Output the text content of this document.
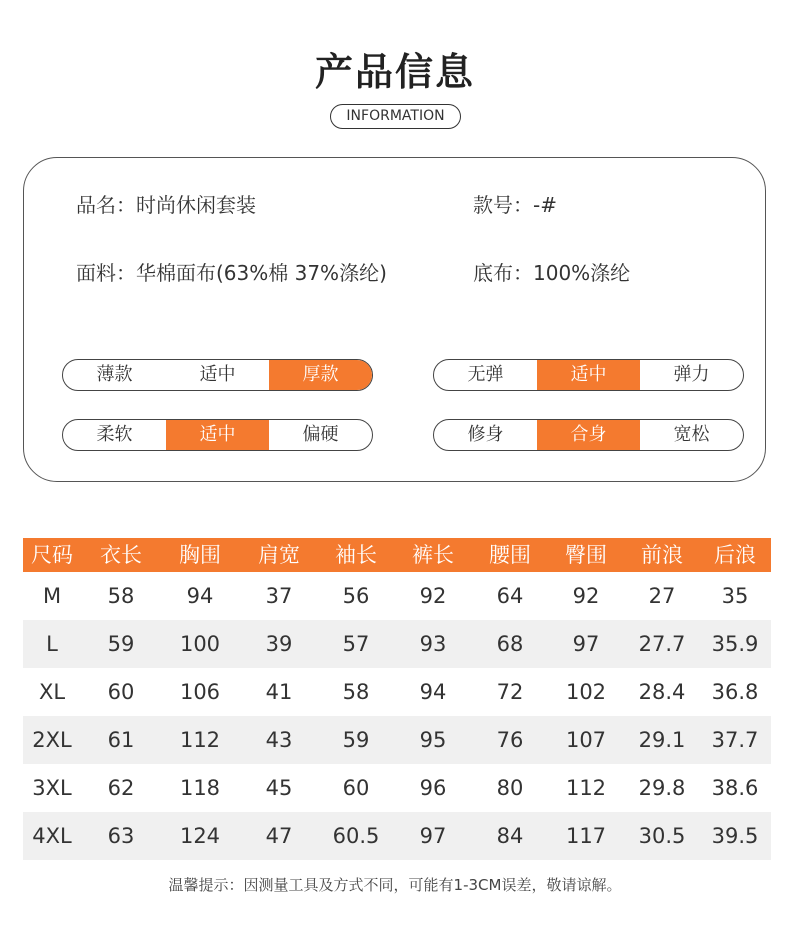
产品信息
INFORMATION
品名：时尚休闲套装	款号：-#
面料：华棉面布(63%棉 37%涤纶)	底布：100%涤纶
薄款	适中	厚款	无弹	适中	弹力
柔软	适中	偏硬	修身	合身	宽松
尺码	衣长	胸围	肩宽	袖长	裤长	腰围	臀围	前浪	后浪
M	58	94	37	56	92	64	92	27	35
L	59	100	39	57	93	68	97	27.7	35.9
XL	60	106	41	58	94	72	102	28.4	36.8
2XL	61	112	43	59	95	76	107	29.1	37.7
3XL	62	118	45	60	96	80	112	29.8	38.6
4XL	63	124	47	60.5	97	84	117	30.5	39.5
温馨提示：因测量工具及方式不同，可能有1-3CM误差，敬请谅解。
